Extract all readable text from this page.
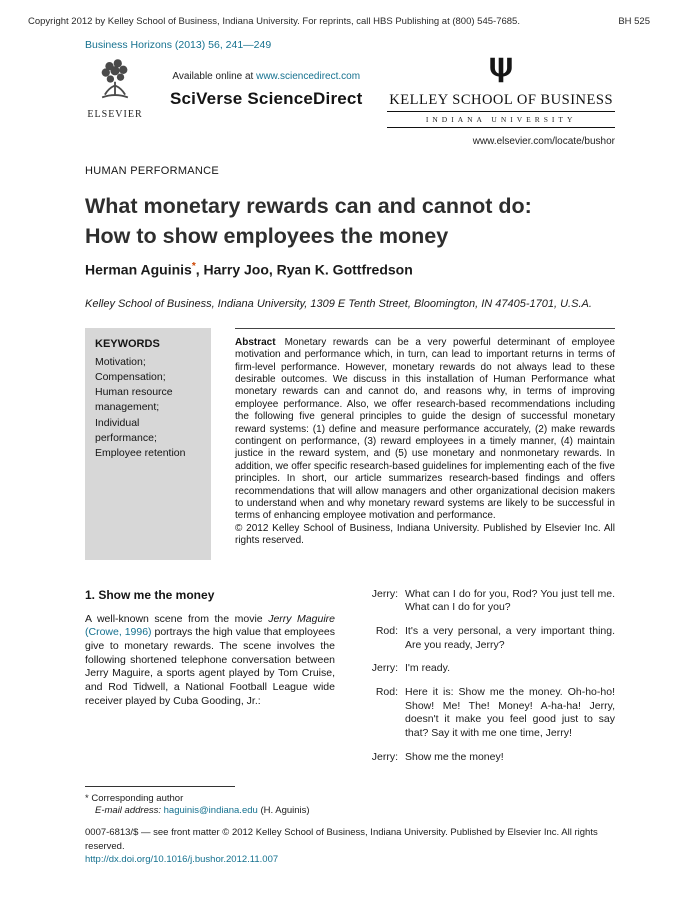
Copyright 2012 by Kelley School of Business, Indiana University. For reprints, call HBS Publishing at (800) 545-7685.	BH 525
Business Horizons (2013) 56, 241—249
ELSEVIER
Available online at www.sciencedirect.com
SciVerse ScienceDirect	KELLEY SCHOOL OF BUSINESS
INDIANA UNIVERSITY
www.elsevier.com/locate/bushor
HUMAN PERFORMANCE
What monetary rewards can and cannot do:
How to show employees the money
Herman Aguinis*, Harry Joo, Ryan K. Gottfredson
Kelley School of Business, Indiana University, 1309 E Tenth Street, Bloomington, IN 47405-1701, U.S.A.
KEYWORDS
Motivation;
Compensation;
Human resource management;
Individual performance;
Employee retention

Abstract Monetary rewards can be a very powerful determinant of employee motivation and performance which, in turn, can lead to important returns in terms of firm-level performance. However, monetary rewards do not always lead to these desirable outcomes. We discuss in this installation of Human Performance what monetary rewards can and cannot do, and reasons why, in terms of improving employee performance. Also, we offer research-based recommendations including the following five general principles to guide the design of successful monetary reward systems: (1) define and measure performance accurately, (2) make rewards contingent on performance, (3) reward employees in a timely manner, (4) maintain justice in the reward system, and (5) use monetary and nonmonetary rewards. In addition, we offer specific research-based guidelines for implementing each of the five principles. In short, our article summarizes research-based findings and offers recommendations that will allow managers and other organizational decision makers to understand when and why monetary reward systems are likely to be successful in terms of enhancing employee motivation and performance.

© 2012 Kelley School of Business, Indiana University. Published by Elsevier Inc. All rights reserved.

1. Show me the money

A well-known scene from the movie Jerry Maguire (Crowe, 1996) portrays the high value that employees give to monetary rewards. The scene involves the following shortened telephone conversation between Jerry Maguire, a sports agent played by Tom Cruise, and Rod Tidwell, a National Football League wide receiver played by Cuba Gooding, Jr.:

Jerry: What can I do for you, Rod? You just tell me. What can I do for you?
Rod: It's a very personal, a very important thing. Are you ready, Jerry?
Jerry: I'm ready.
Rod: Here it is: Show me the money. Oh-ho-ho! Show! Me! The! Money! A-ha-ha! Jerry, doesn't it make you feel good just to say that? Say it with me one time, Jerry!
Jerry: Show me the money!
* Corresponding author
E-mail address: haguinis@indiana.edu (H. Aguinis)
0007-6813/$ — see front matter © 2012 Kelley School of Business, Indiana University. Published by Elsevier Inc. All rights reserved.
http://dx.doi.org/10.1016/j.bushor.2012.11.007
